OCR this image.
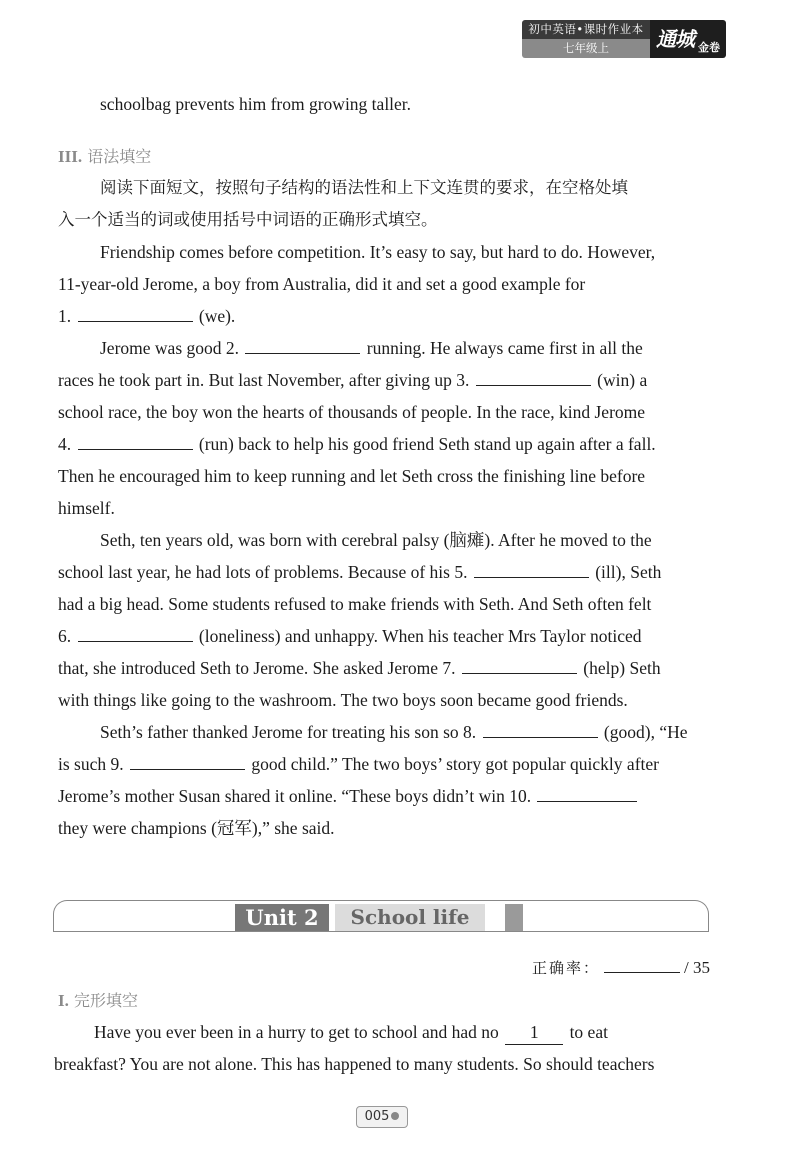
初中英语•课时作业本
七年级上	通城 金卷
schoolbag prevents him from growing taller.
III. 语法填空
阅读下面短文，按照句子结构的语法性和上下文连贯的要求，在空格处填
入一个适当的词或使用括号中词语的正确形式填空。
Friendship comes before competition. It’s easy to say, but hard to do. However,
11-year-old Jerome, a boy from Australia, did it and set a good example for
1.	(we).
Jerome was good 2.	running. He always came first in all the
races he took part in. But last November, after giving up 3.	(win) a
school race, the boy won the hearts of thousands of people. In the race, kind Jerome
4.	(run) back to help his good friend Seth stand up again after a fall.
Then he encouraged him to keep running and let Seth cross the finishing line before
himself.
Seth, ten years old, was born with cerebral palsy (脑瘫). After he moved to the
school last year, he had lots of problems. Because of his 5.	(ill), Seth
had a big head. Some students refused to make friends with Seth. And Seth often felt
6.	(loneliness) and unhappy. When his teacher Mrs Taylor noticed
that, she introduced Seth to Jerome. She asked Jerome 7.	(help) Seth
with things like going to the washroom. The two boys soon became good friends.
Seth’s father thanked Jerome for treating his son so 8.	(good), “He
is such 9.	good child.” The two boys’ story got popular quickly after
Jerome’s mother Susan shared it online. “These boys didn’t win 10.
they were champions (冠军),” she said.
Unit 2	School life
正确率：	/ 35
I. 完形填空
Have you ever been in a hurry to get to school and had no 1 to eat
breakfast? You are not alone. This has happened to many students. So should teachers
005
